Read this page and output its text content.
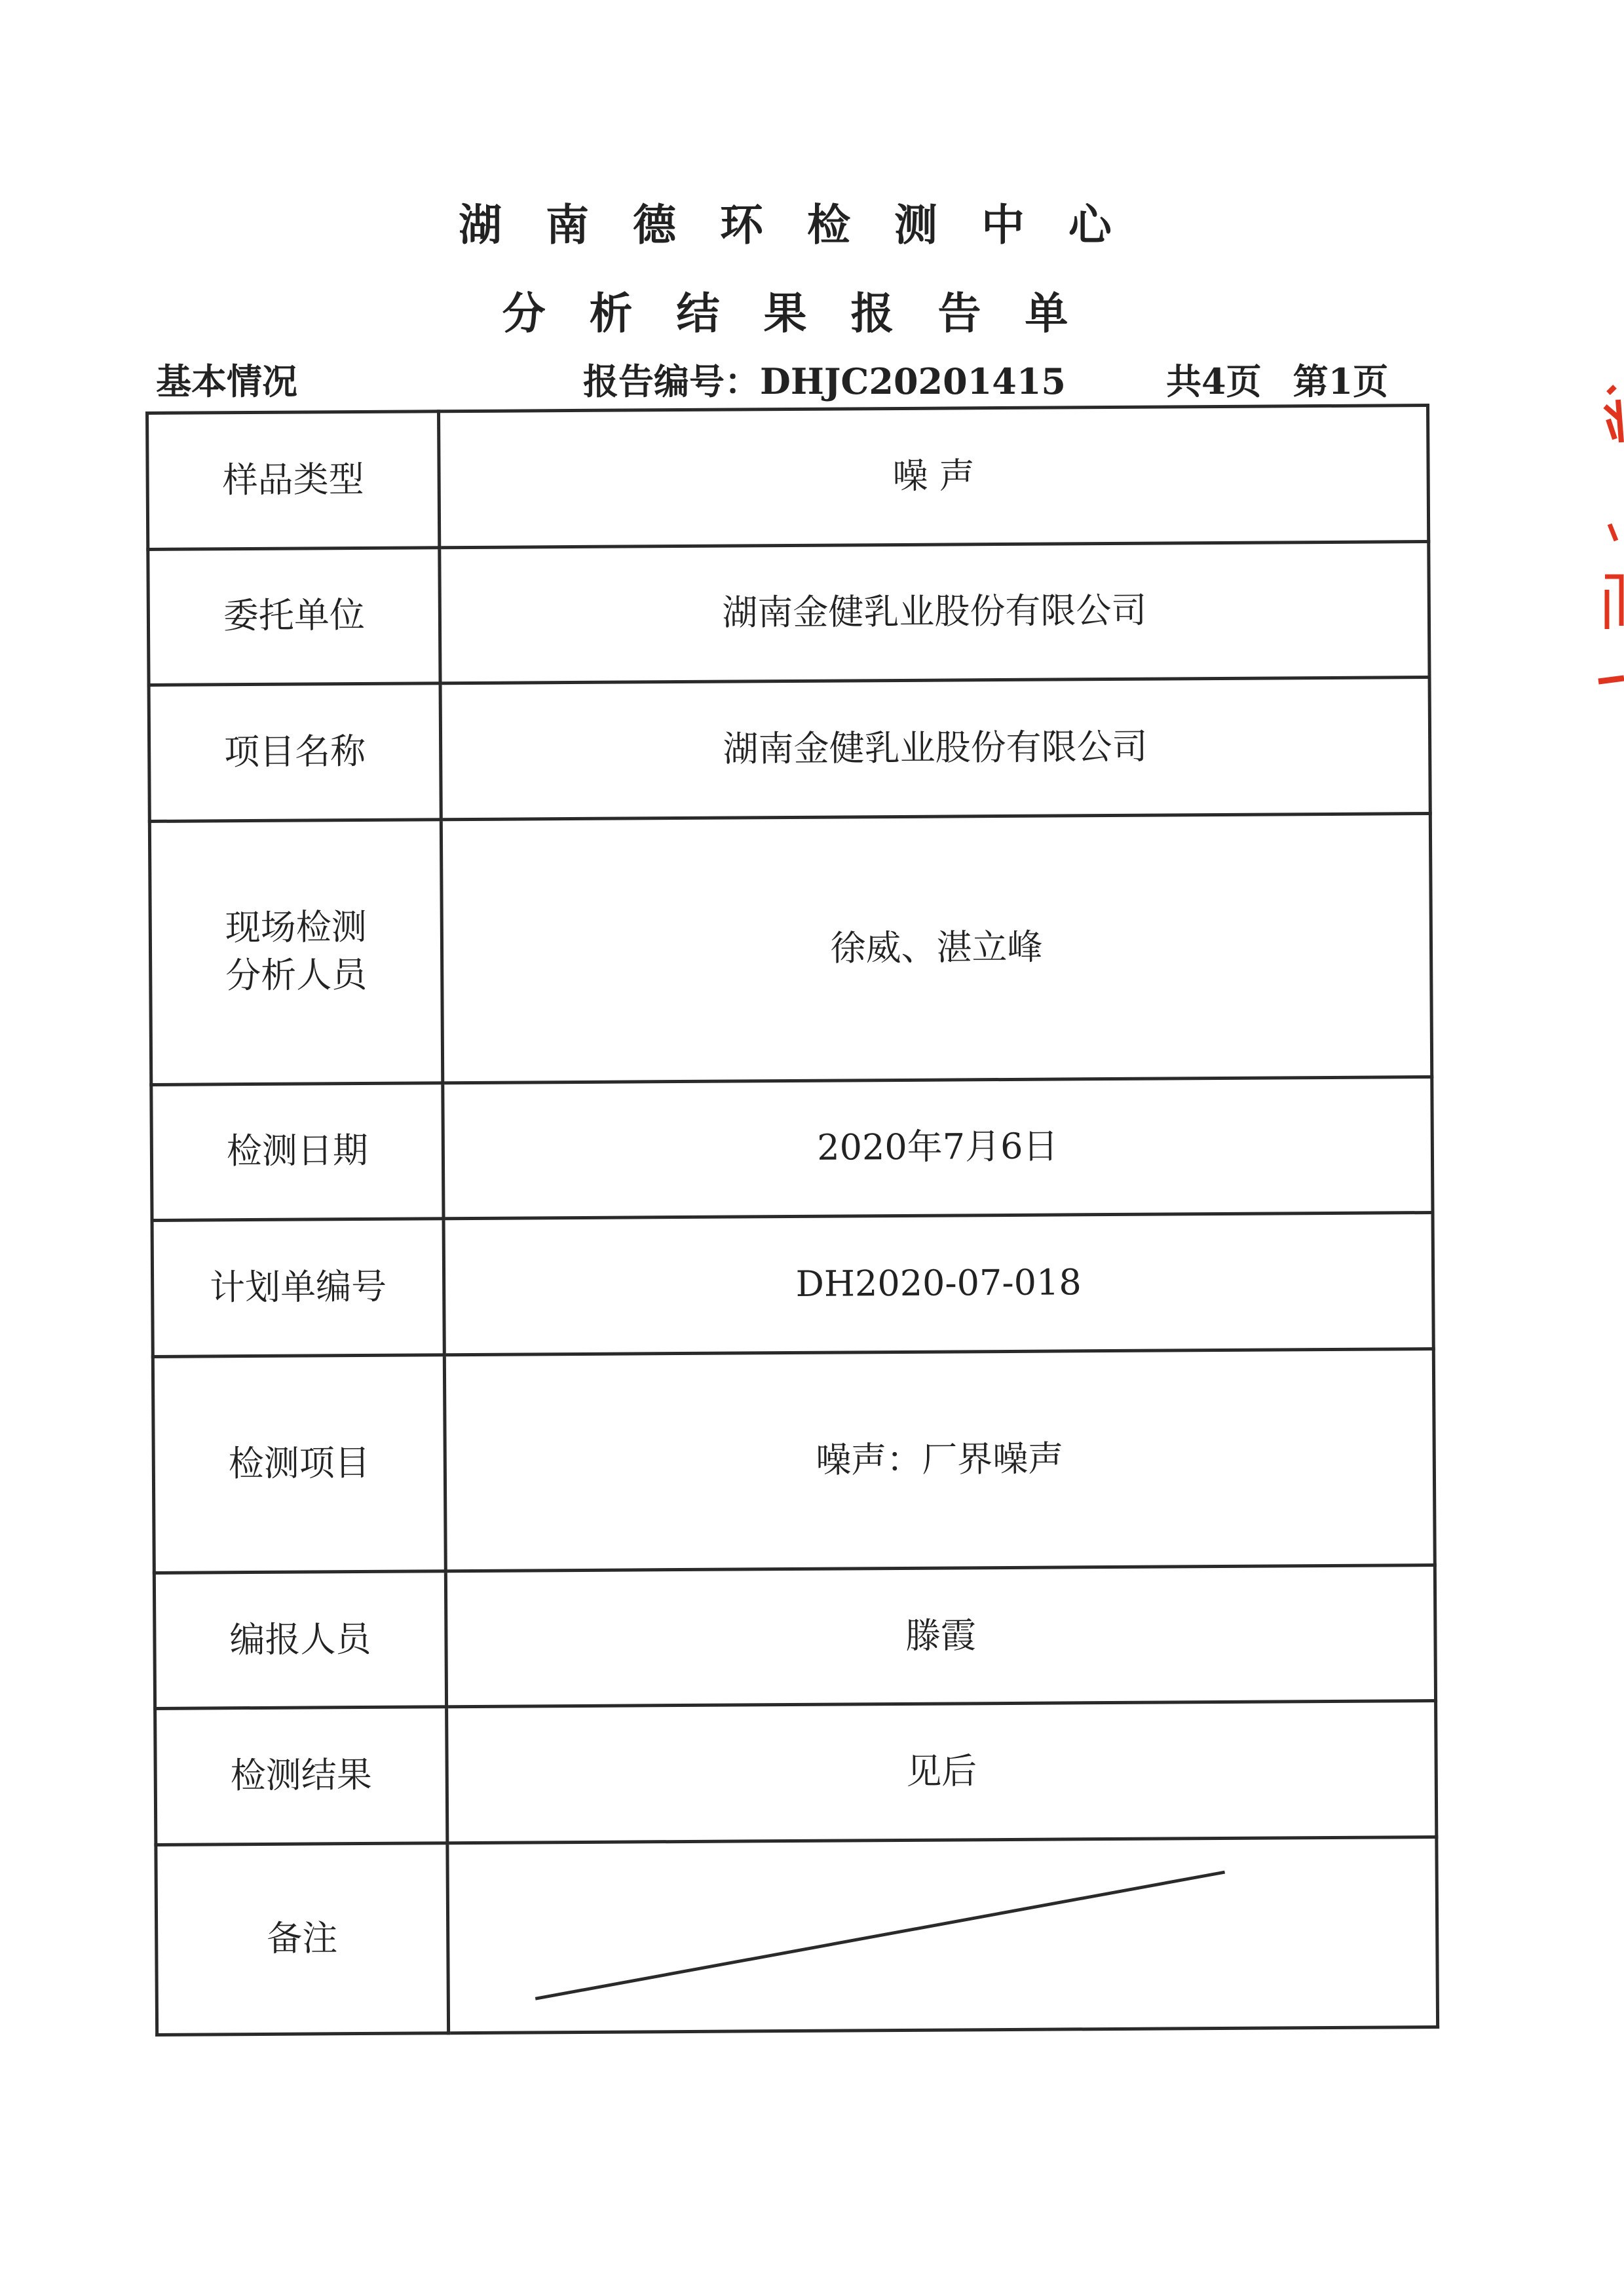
湖 南 德 环 检 测 中 心
分 析 结 果 报 告 单
基本情况	报告编号：DHJC20201415	共4页 第1页
样品类型	噪 声
委托单位	湖南金健乳业股份有限公司
项目名称	湖南金健乳业股份有限公司
现场检测
分析人员	徐威、湛立峰
检测日期	2020年7月6日
计划单编号	DH2020-07-018
检测项目	噪声：厂界噪声
编报人员	滕霞
检测结果	见后
备注	
